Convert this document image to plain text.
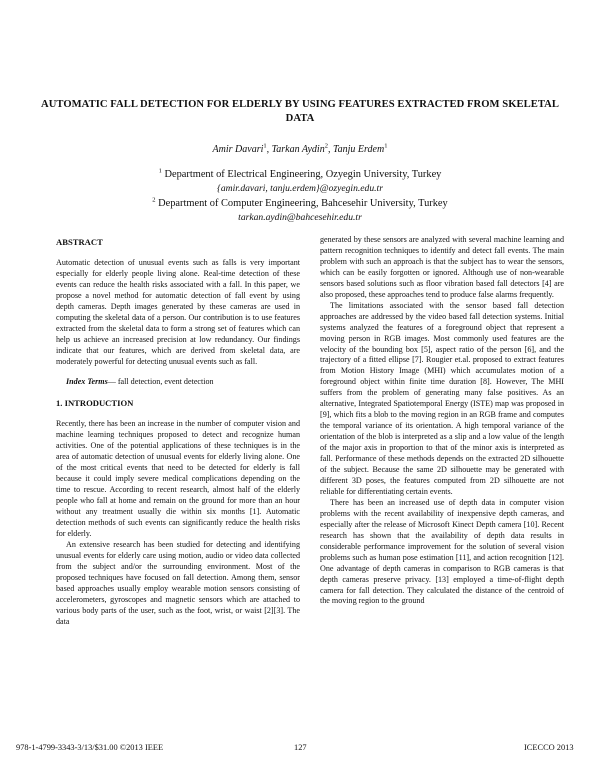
AUTOMATIC FALL DETECTION FOR ELDERLY BY USING FEATURES EXTRACTED FROM SKELETAL DATA
Amir Davari$^1$, Tarkan Aydin$^2$, Tanju Erdem$^1$
$^1$ Department of Electrical Engineering, Ozyegin University, Turkey
{amir.davari, tanju.erdem}@ozyegin.edu.tr
$^2$ Department of Computer Engineering, Bahcesehir University, Turkey
tarkan.aydin@bahcesehir.edu.tr

ABSTRACT

Automatic detection of unusual events such as falls is very important especially for elderly people living alone. Real-time detection of these events can reduce the health risks associated with a fall. In this paper, we propose a novel method for automatic detection of fall event by using depth cameras. Depth images generated by these cameras are used in computing the skeletal data of a person. Our contribution is to use features extracted from the skeletal data to form a strong set of features which can help us achieve an increased precision at low redundancy. Our findings indicate that our features, which are derived from skeletal data, are moderately powerful for detecting unusual events such as fall.

Index Terms— fall detection, event detection

1. INTRODUCTION

Recently, there has been an increase in the number of computer vision and machine learning techniques proposed to detect and recognize human activities. One of the potential applications of these techniques is in the area of automatic detection of unusual events for elderly living alone. One of the most critical events that need to be detected for elderly is fall because it could imply severe medical complications depending on the time to rescue. According to recent research, almost half of the elderly people who fall at home and remain on the ground for more than an hour without any treatment usually die within six months [1]. Automatic detection methods of such events can significantly reduce the health risks for elderly.

An extensive research has been studied for detecting and identifying unusual events for elderly care using motion, audio or video data collected from the subject and/or the surrounding environment. Most of the proposed techniques have focused on fall detection. Among them, sensor based approaches usually employ wearable motion sensors consisting of accelerometers, gyroscopes and magnetic sensors which are attached to various body parts of the user, such as the foot, wrist, or waist [2][3]. The data

generated by these sensors are analyzed with several machine learning and pattern recognition techniques to identify and detect fall events. The main problem with such an approach is that the subject has to wear the sensors, which can be easily forgotten or ignored. Although use of non-wearable sensors based solutions such as floor vibration based fall detectors [4] are also proposed, these approaches tend to produce false alarms frequently.

The limitations associated with the sensor based fall detection approaches are addressed by the video based fall detection systems. Initial systems analyzed the features of a foreground object that represent a moving person in RGB images. Most commonly used features are the velocity of the bounding box [5], aspect ratio of the person [6], and the trajectory of a fitted ellipse [7]. Rougier et.al. proposed to extract features from Motion History Image (MHI) which accumulates motion of a foreground object within finite time duration [8]. However, The MHI suffers from the problem of generating many false positives. As an alternative, Integrated Spatiotemporal Energy (ISTE) map was proposed in [9], which fits a blob to the moving region in an RGB frame and computes the temporal variance of its orientation. A high temporal variance of the orientation of the blob is interpreted as a slip and a low value of the length of the major axis in proportion to that of the minor axis is interpreted as fall. Performance of these methods depends on the extracted 2D silhouette of the subject. Because the same 2D silhouette may be generated with different 3D poses, the features computed from 2D silhouette are not reliable for differentiating certain events.

There has been an increased use of depth data in computer vision problems with the recent availability of inexpensive depth cameras, and especially after the release of Microsoft Kinect Depth camera [10]. Recent research has shown that the availability of depth data results in considerable performance improvement for the solution of several vision problems such as human pose estimation [11], and action recognition [12]. One advantage of depth cameras in comparison to RGB cameras is that depth cameras preserve privacy. [13] employed a time-of-flight depth camera for fall detection. They calculated the distance of the centroid of the moving region to the ground

978-1-4799-3343-3/13/$31.00 ©2013 IEEE	127	ICECCO 2013
